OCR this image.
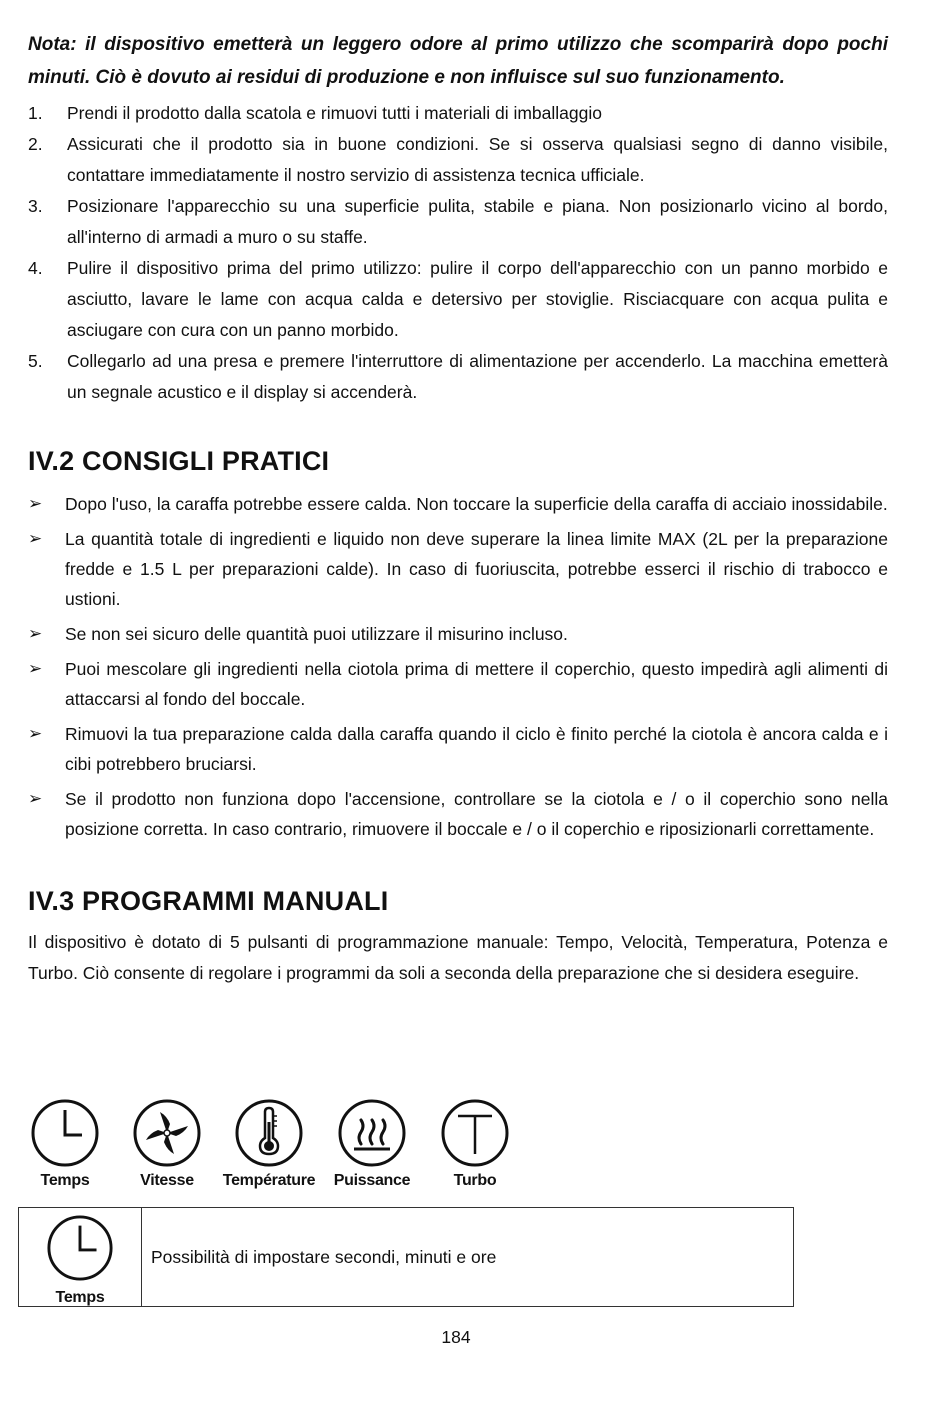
Nota: il dispositivo emetterà un leggero odore al primo utilizzo che scomparirà dopo pochi minuti. Ciò è dovuto ai residui di produzione e non influisce sul suo funzionamento.

1. Prendi il prodotto dalla scatola e rimuovi tutti i materiali di imballaggio
2. Assicurati che il prodotto sia in buone condizioni. Se si osserva qualsiasi segno di danno visibile, contattare immediatamente il nostro servizio di assistenza tecnica ufficiale.
3. Posizionare l'apparecchio su una superficie pulita, stabile e piana. Non posizionarlo vicino al bordo, all'interno di armadi a muro o su staffe.
4. Pulire il dispositivo prima del primo utilizzo: pulire il corpo dell'apparecchio con un panno morbido e asciutto, lavare le lame con acqua calda e detersivo per stoviglie. Risciacquare con acqua pulita e asciugare con cura con un panno morbido.
5. Collegarlo ad una presa e premere l'interruttore di alimentazione per accenderlo. La macchina emetterà un segnale acustico e il display si accenderà.
IV.2 CONSIGLI PRATICI
➢ Dopo l'uso, la caraffa potrebbe essere calda. Non toccare la superficie della caraffa di acciaio inossidabile.
➢ La quantità totale di ingredienti e liquido non deve superare la linea limite MAX (2L per la preparazione fredde e 1.5 L per preparazioni calde). In caso di fuoriuscita, potrebbe esserci il rischio di trabocco e ustioni.
➢ Se non sei sicuro delle quantità puoi utilizzare il misurino incluso.
➢ Puoi mescolare gli ingredienti nella ciotola prima di mettere il coperchio, questo impedirà agli alimenti di attaccarsi al fondo del boccale.
➢ Rimuovi la tua preparazione calda dalla caraffa quando il ciclo è finito perché la ciotola è ancora calda e i cibi potrebbero bruciarsi.
➢ Se il prodotto non funziona dopo l'accensione, controllare se la ciotola e / o il coperchio sono nella posizione corretta. In caso contrario, rimuovere il boccale e / o il coperchio e riposizionarli correttamente.
IV.3 PROGRAMMI MANUALI

Il dispositivo è dotato di 5 pulsanti di programmazione manuale: Tempo, Velocità, Temperatura, Potenza e Turbo. Ciò consente di regolare i programmi da soli a seconda della preparazione che si desidera eseguire.

Temps	Vitesse	Température	Puissance	Turbo
Temps
Possibilità di impostare secondi, minuti e ore
184
